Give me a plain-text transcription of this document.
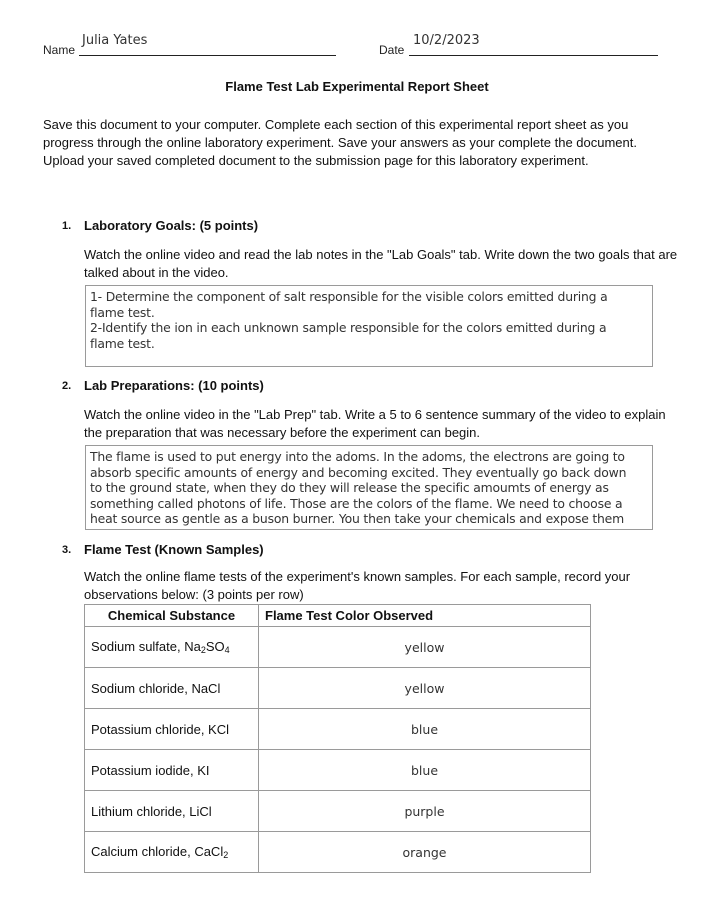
Name
Julia Yates
Date
10/2/2023
Flame Test Lab Experimental Report Sheet
Save this document to your computer. Complete each section of this experimental report sheet as you progress through the online laboratory experiment. Save your answers as your complete the document. Upload your saved completed document to the submission page for this laboratory experiment.
1. Laboratory Goals: (5 points)
Watch the online video and read the lab notes in the "Lab Goals" tab. Write down the two goals that are talked about in the video.
1- Determine the component of salt responsible for the visible colors emitted during a
flame test.
2-Identify the ion in each unknown sample responsible for the colors emitted during a
flame test.
2. Lab Preparations: (10 points)
Watch the online video in the "Lab Prep" tab. Write a 5 to 6 sentence summary of the video to explain the preparation that was necessary before the experiment can begin.
The flame is used to put energy into the adoms. In the adoms, the electrons are going to
absorb specific amounts of energy and becoming excited. They eventually go back down
to the ground state, when they do they will release the specific amoumts of energy as
something called photons of life. Those are the colors of the flame. We need to choose a
heat source as gentle as a buson burner. You then take your chemicals and expose them
3. Flame Test (Known Samples)
Watch the online flame tests of the experiment's known samples. For each sample, record your observations below: (3 points per row)
Chemical Substance	Flame Test Color Observed
Sodium sulfate, $Na_2SO_4$	yellow
Sodium chloride, NaCl	yellow
Potassium chloride, KCl	blue
Potassium iodide, KI	blue
Lithium chloride, LiCl	purple
Calcium chloride, CaCl$_2$	orange
